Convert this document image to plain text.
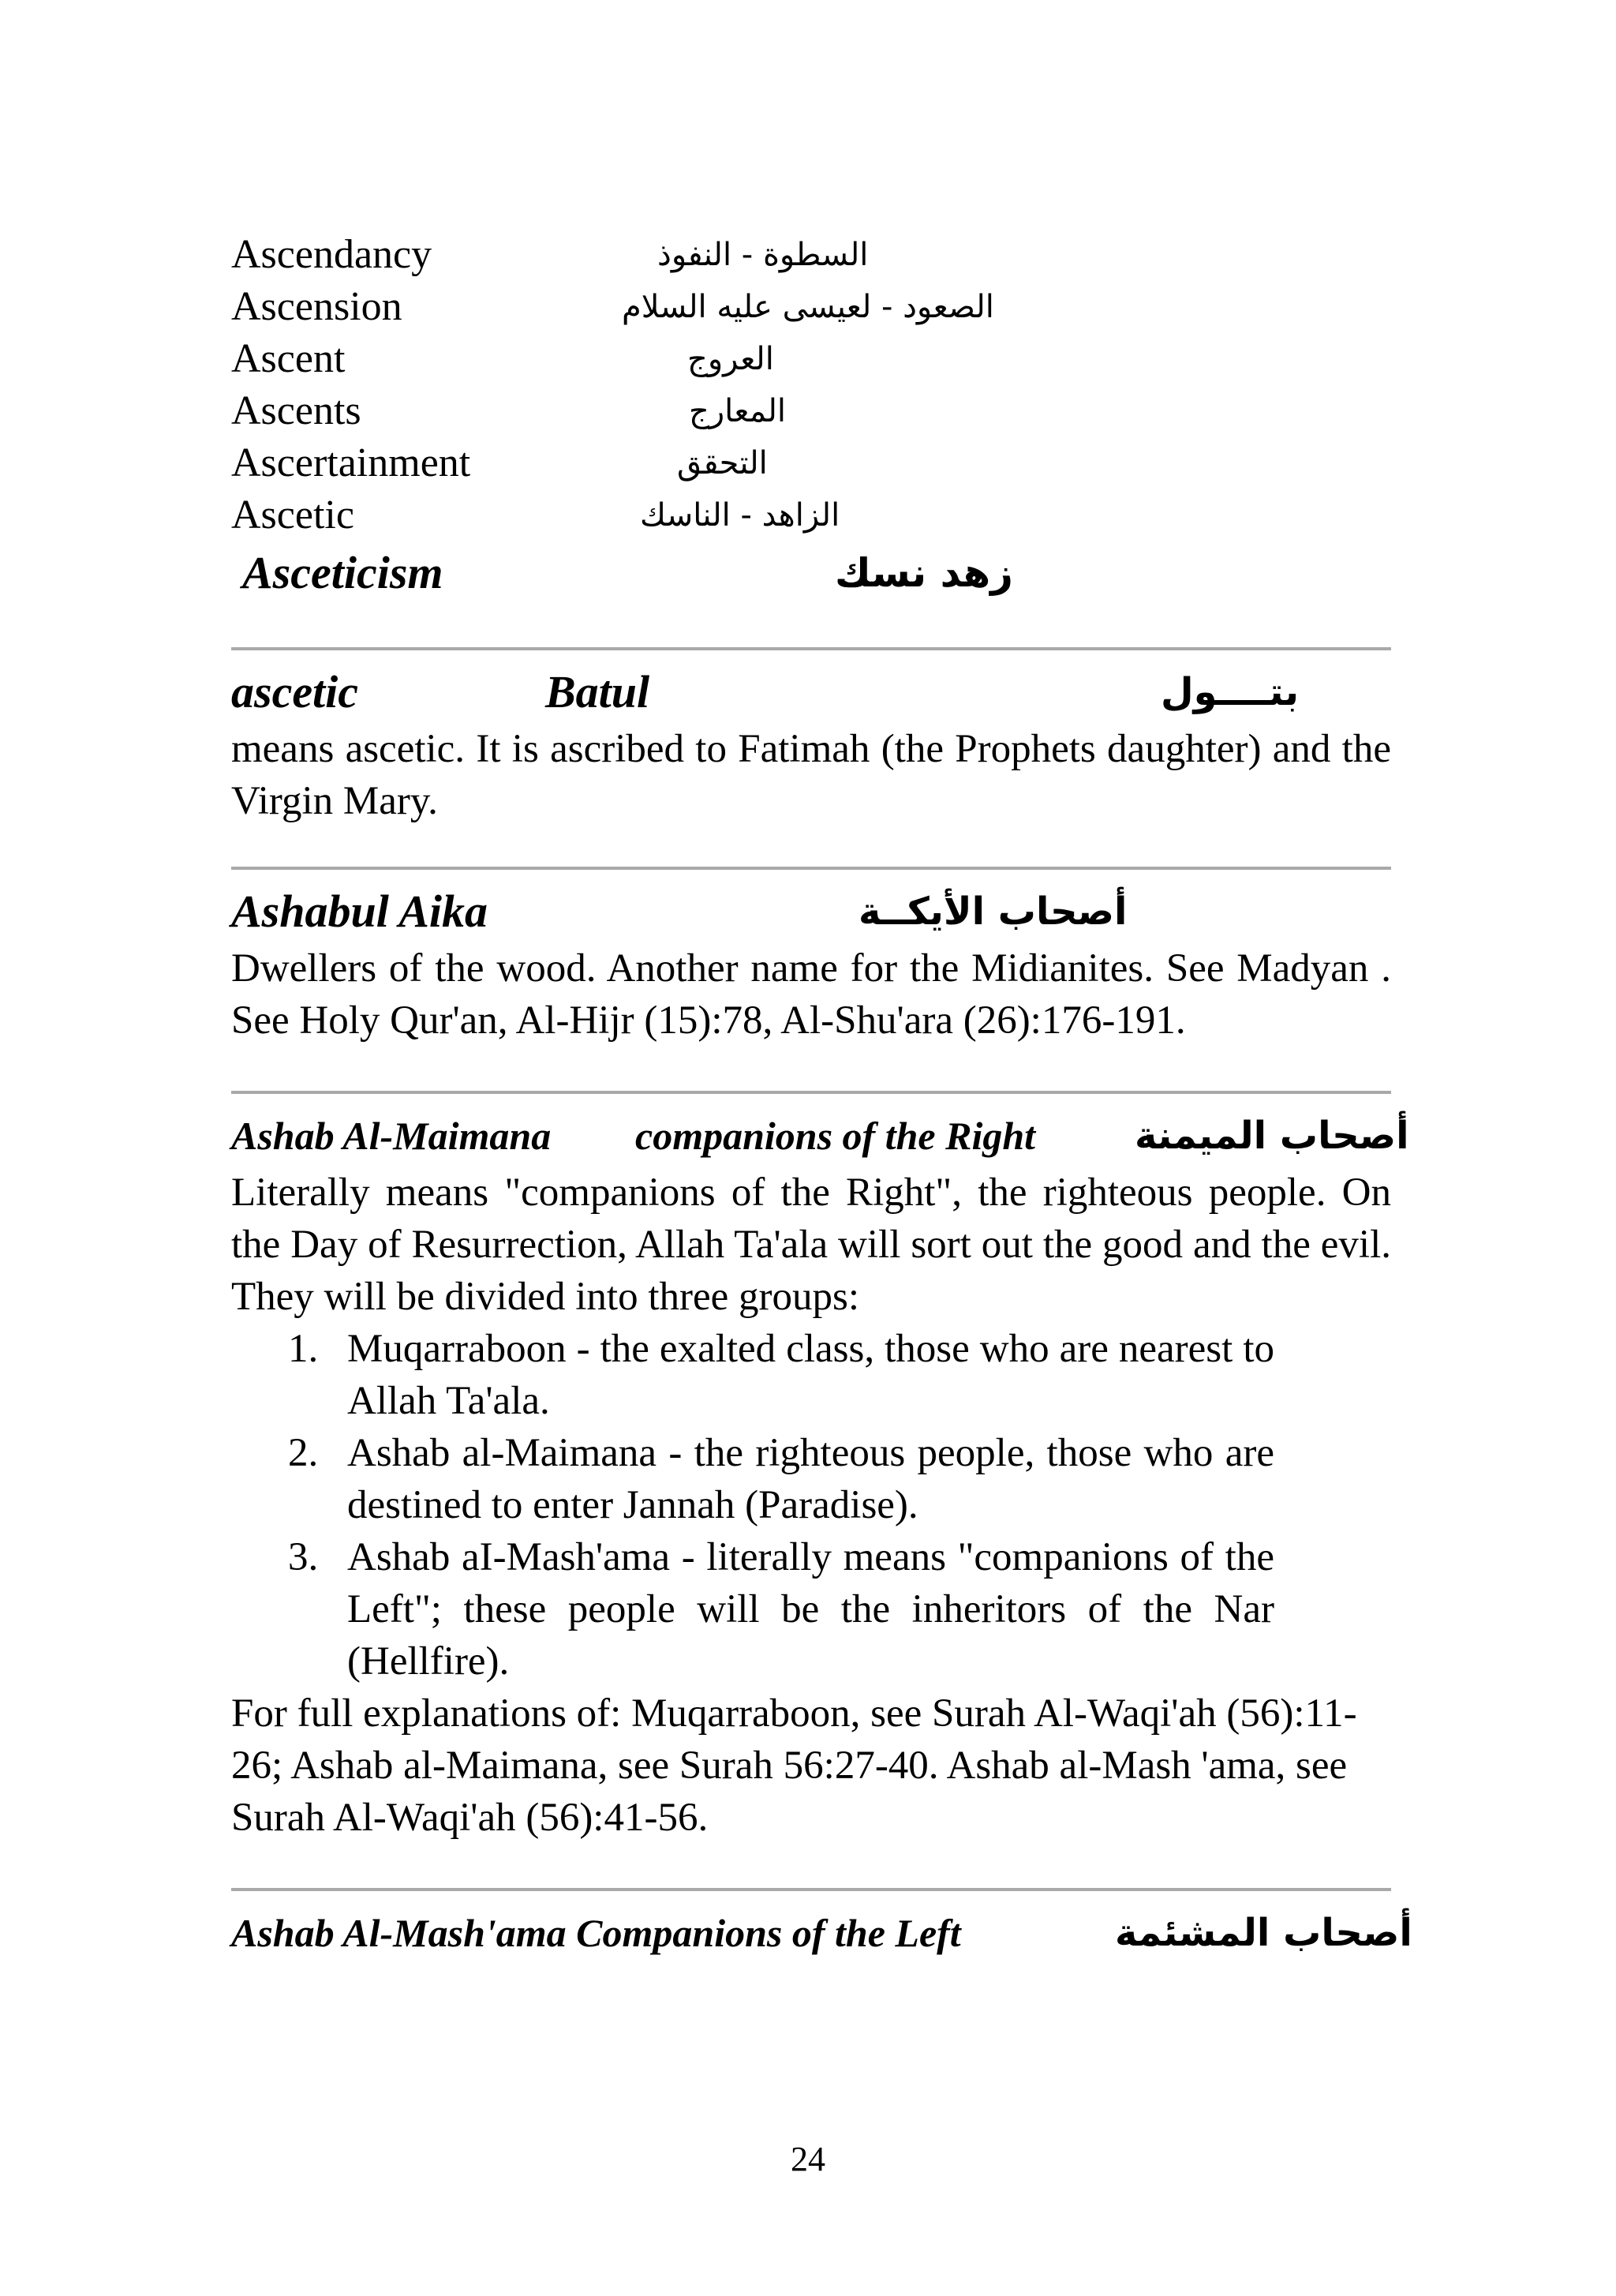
Ascendancy	السطوة - النفوذ
Ascension	الصعود - لعيسى عليه السلام
Ascent	العروج
Ascents	المعارج
Ascertainment	التحقق
Ascetic	الزاهد - الناسك
Asceticism	زهد نسك
ascetic	Batul	بتــــول

means ascetic. It is ascribed to Fatimah (the Prophets daughter) and the Virgin Mary.

Ashabul Aika	أصحاب الأيكــة

Dwellers of the wood. Another name for the Midianites. See Madyan . See Holy Qur'an, Al-Hijr (15):78, Al-Shu'ara (26):176-191.

Ashab Al-Maimana companions of the Right	أصحاب الميمنة

Literally means "companions of the Right", the righteous people. On the Day of Resurrection, Allah Ta'ala will sort out the good and the evil. They will be divided into three groups:

1. Muqarraboon - the exalted class, those who are nearest to Allah Ta'ala.
2. Ashab al-Maimana - the righteous people, those who are destined to enter Jannah (Paradise).
3. Ashab aI-Mash'ama - literally means "companions of the Left"; these people will be the inheritors of the Nar (Hellfire).

For full explanations of: Muqarraboon, see Surah Al-Waqi'ah (56):11-26; Ashab al-Maimana, see Surah 56:27-40. Ashab al-Mash 'ama, see Surah Al-Waqi'ah (56):41-56.

Ashab Al-Mash'ama Companions of the Left	أصحاب المشئمة
24
